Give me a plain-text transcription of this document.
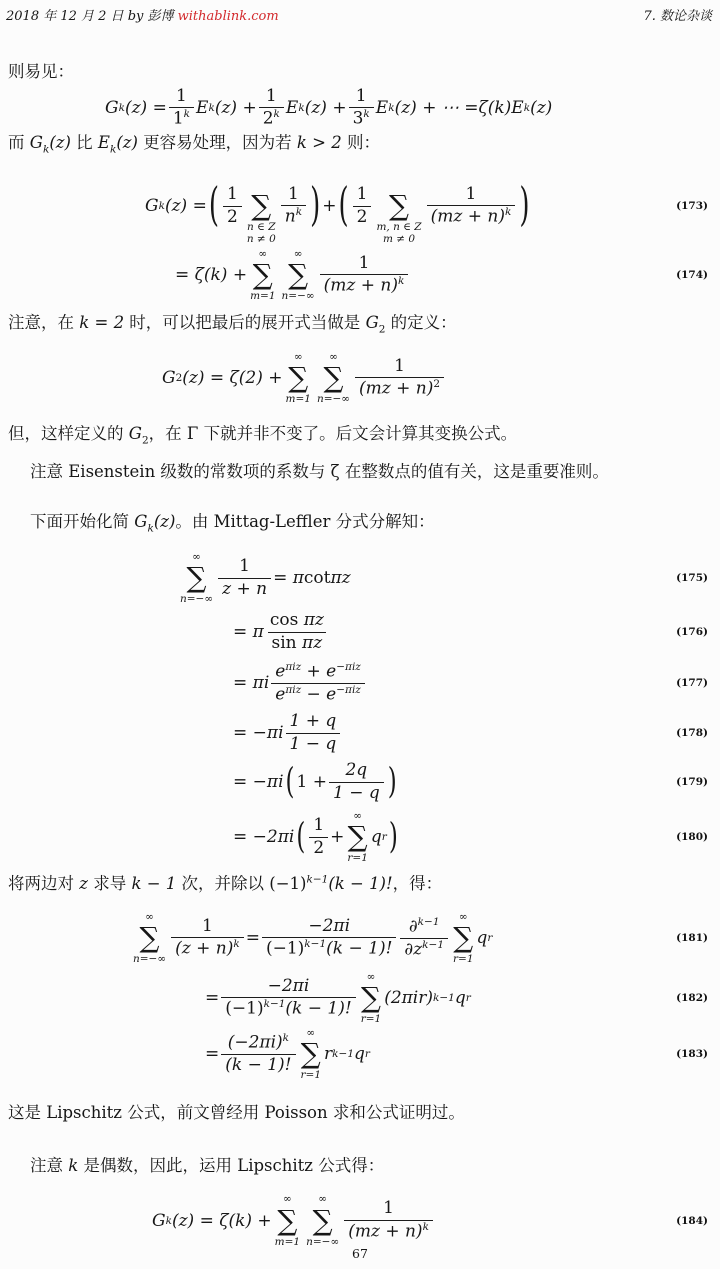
2018 年 12 月 2 日 by 彭博 withablink.com	7. 数论杂谈
则易见：
G k $(z) = \frac{1}{1^k}$ E k $(z) + \frac{1}{2^k}$ E k $(z) + \frac{1}{3^k}$ E k (z) + ⋯ = ζ(k)E k (z)
而 $G_k(z)$ 比 $E_k(z)$ 更容易处理，因为若 k > 2 则：
G k (z) = ( $\frac{1}{2}$ ∑
n ∈ Z
n ≠ 0
$\frac{1}{n^k}$ ) + ( $\frac{1}{2}$ ∑
m, n ∈ Z
m ≠ 0
$\frac{1}{(mz + n)^k}$ )	(173)
= ζ(k) +
∞
∑
m=1
∞
∑
$n=-\infty \frac{1}{(mz + n)^k}$	(174)
注意，在 k = 2 时，可以把最后的展开式当做是 $G_2$ 的定义：
G 2 (z) = ζ(2) +
∞
∑
m=1
∞
∑
$n=-\infty \frac{1}{(mz + n)^2}$
但，这样定义的 $G_2$，在 Γ 下就并非不变了。后文会计算其变换公式。
注意 Eisenstein 级数的常数项的系数与 ζ 在整数点的值有关，这是重要准则。
下面开始化简 $G_k(z)$。由 Mittag-Leffler 分式分解知：
∞
∑
$n=-\infty \frac{1}{z + n} = \pi$ cot πz	(175)
= π $\frac{\text{cos πz}}{\text{sin πz}}$	(176)
= πi $\frac{e^{\pi iz} + e^{-\pi iz}}{e^{\pi iz} - e^{-\pi iz}}$	(177)
= $-\pi i \frac{1 + q}{1 - q}$	(178)
= −πi ( $1 + \frac{2q}{1 - q}$ )	(179)
= −2πi ( $\frac{1}{2}$ +
∞
∑
r=1
q r )	(180)
将两边对 z 求导 k − 1 次，并除以 $(-1)^{k-1}(k - 1)$!，得：
∞
∑
$n=-\infty \frac{1}{(z + n)^k} = \frac{-2\pi i}{(-1)^{k-1}(k - 1)!} \frac{\partial^{k-1}}{\partial z^{k-1}}$ ∞
∑
r=1
q r	(181)
= $\frac{-2\pi i}{(-1)^{k-1}(k - 1)!}$ ∞
∑
r=1
(2πir) k−1 q r	(182)
= $\frac{(-2\pi i)^k}{(k - 1)!}$ ∞
∑
r=1
r k−1 q r	(183)
这是 Lipschitz 公式，前文曾经用 Poisson 求和公式证明过。
注意 k 是偶数，因此，运用 Lipschitz 公式得：
G k (z) = ζ(k) +
∞
∑
m=1
∞
∑
$n=-\infty \frac{1}{(mz + n)^k}$	(184)
67
